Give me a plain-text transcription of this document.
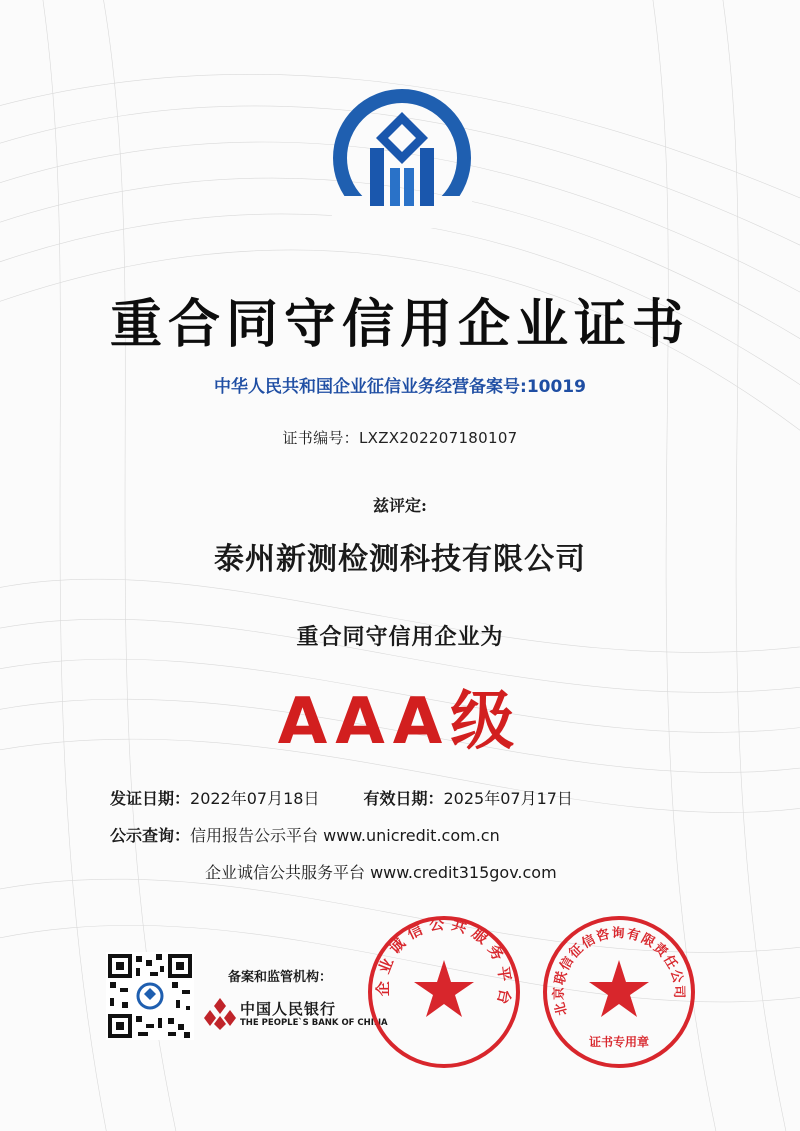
重合同守信用企业证书
中华人民共和国企业征信业务经营备案号:10019
证书编号：LXZX202207180107
兹评定:
泰州新测检测科技有限公司
重合同守信用企业为
AAA级
发证日期：2022年07月18日	有效日期：2025年07月17日
公示查询：信用报告公示平台 www.unicredit.com.cn
企业诚信公共服务平台 www.credit315gov.com
备案和监管机构：
中国人民银行
THE PEOPLE`S BANK OF CHINA
企业诚信公共服务平台	北京联信征信咨询有限责任公司
证书专用章
